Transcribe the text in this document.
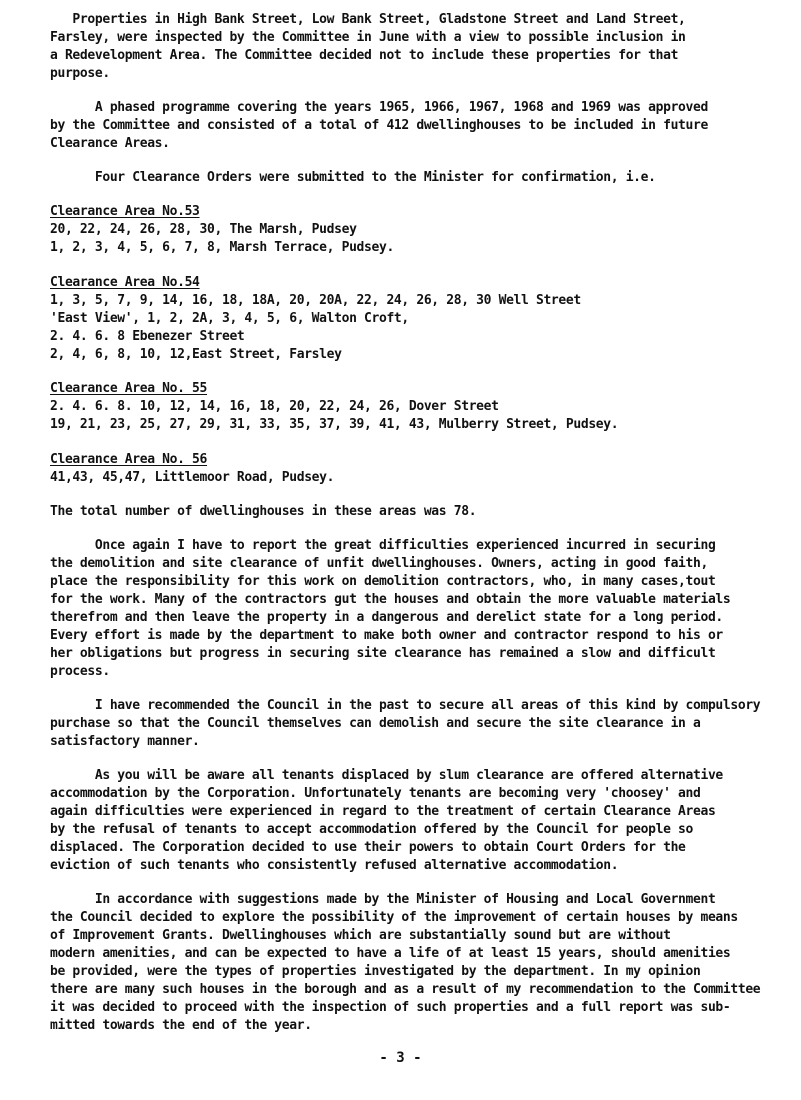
Properties in High Bank Street, Low Bank Street, Gladstone Street and Land Street,

Farsley, were inspected by the Committee in June with a view to possible inclusion in

a Redevelopment Area. The Committee decided not to include these properties for that

purpose.

A phased programme covering the years 1965, 1966, 1967, 1968 and 1969 was approved

by the Committee and consisted of a total of 412 dwellinghouses to be included in future

Clearance Areas.

Four Clearance Orders were submitted to the Minister for confirmation, i.e.

Clearance Area No.53

20, 22, 24, 26, 28, 30, The Marsh, Pudsey

1, 2, 3, 4, 5, 6, 7, 8, Marsh Terrace, Pudsey.

Clearance Area No.54

1, 3, 5, 7, 9, 14, 16, 18, 18A, 20, 20A, 22, 24, 26, 28, 30 Well Street

'East View', 1, 2, 2A, 3, 4, 5, 6, Walton Croft,

2. 4. 6. 8 Ebenezer Street

2, 4, 6, 8, 10, 12,East Street, Farsley

Clearance Area No. 55

2. 4. 6. 8. 10, 12, 14, 16, 18, 20, 22, 24, 26, Dover Street

19, 21, 23, 25, 27, 29, 31, 33, 35, 37, 39, 41, 43, Mulberry Street, Pudsey.

Clearance Area No. 56

41,43, 45,47, Littlemoor Road, Pudsey.

The total number of dwellinghouses in these areas was 78.

Once again I have to report the great difficulties experienced incurred in securing

the demolition and site clearance of unfit dwellinghouses. Owners, acting in good faith,

place the responsibility for this work on demolition contractors, who, in many cases,tout

for the work. Many of the contractors gut the houses and obtain the more valuable materials

therefrom and then leave the property in a dangerous and derelict state for a long period.

Every effort is made by the department to make both owner and contractor respond to his or

her obligations but progress in securing site clearance has remained a slow and difficult

process.

I have recommended the Council in the past to secure all areas of this kind by compulsory

purchase so that the Council themselves can demolish and secure the site clearance in a

satisfactory manner.

As you will be aware all tenants displaced by slum clearance are offered alternative

accommodation by the Corporation. Unfortunately tenants are becoming very 'choosey' and

again difficulties were experienced in regard to the treatment of certain Clearance Areas

by the refusal of tenants to accept accommodation offered by the Council for people so

displaced. The Corporation decided to use their powers to obtain Court Orders for the

eviction of such tenants who consistently refused alternative accommodation.

In accordance with suggestions made by the Minister of Housing and Local Government

the Council decided to explore the possibility of the improvement of certain houses by means

of Improvement Grants. Dwellinghouses which are substantially sound but are without

modern amenities, and can be expected to have a life of at least 15 years, should amenities

be provided, were the types of properties investigated by the department. In my opinion

there are many such houses in the borough and as a result of my recommendation to the Committee

it was decided to proceed with the inspection of such properties and a full report was sub-

mitted towards the end of the year.

- 3 -
